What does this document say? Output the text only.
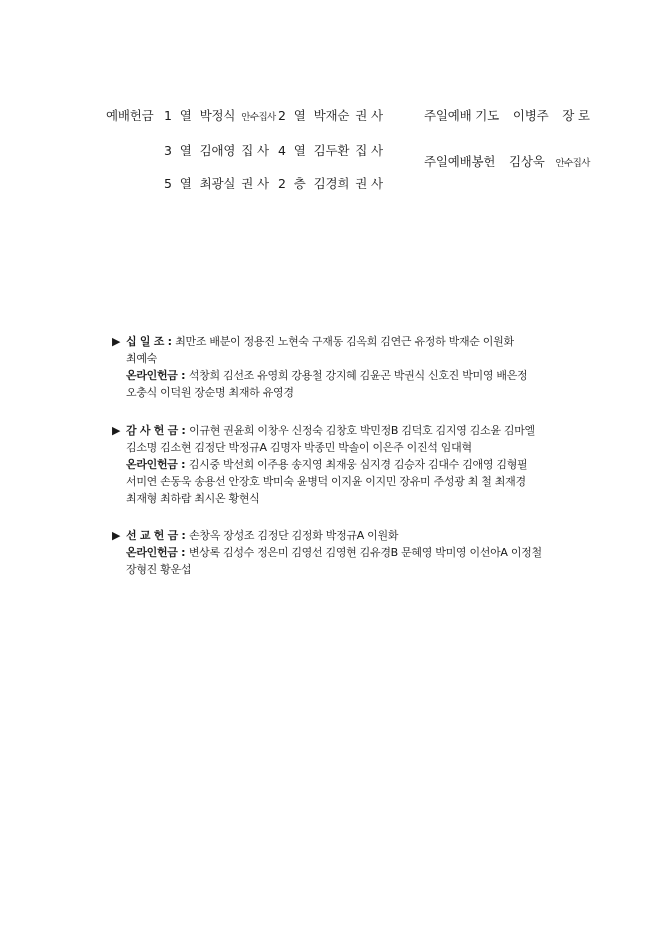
예배헌금 1 열 박정식 안수집사 2 열 박재순 권 사
3 열 김애영 집 사 4 열 김두환 집 사
5 열 최광실 권 사 2 층 김경희 권 사
주일예배 기도 이병주 장 로
주일예배봉헌 김상욱 안수집사
▶ 십 일 조 : 최만조 배분이 정용진 노현숙 구재동 김옥희 김연근 유정하 박재순 이원화
최예숙
온라인헌금 : 석창희 김선조 유영희 강용철 강지혜 김윤곤 박권식 신호진 박미영 배은정
오충식 이덕원 장순명 최재하 유영경
▶ 감 사 헌 금 : 이규현 권윤희 이창우 신정숙 김창호 박민정B 김덕호 김지영 김소윤 김마엘
김소명 김소현 김정단 박정규A 김명자 박종민 박솔이 이은주 이진석 임대혁
온라인헌금 : 김시중 박선희 이주용 송지영 최재웅 심지경 김승자 김대수 김애영 김형필
서미연 손동욱 송용선 안장호 박미숙 윤병덕 이지윤 이지민 장유미 주성광 최 철 최재경
최재형 최하람 최시온 황현식
▶ 선 교 헌 금 : 손창옥 장성조 김정단 김정화 박정규A 이원화
온라인헌금 : 변상록 김성수 정은미 김영선 김영현 김유경B 문혜영 박미영 이선아A 이정철
장형진 황운섭
